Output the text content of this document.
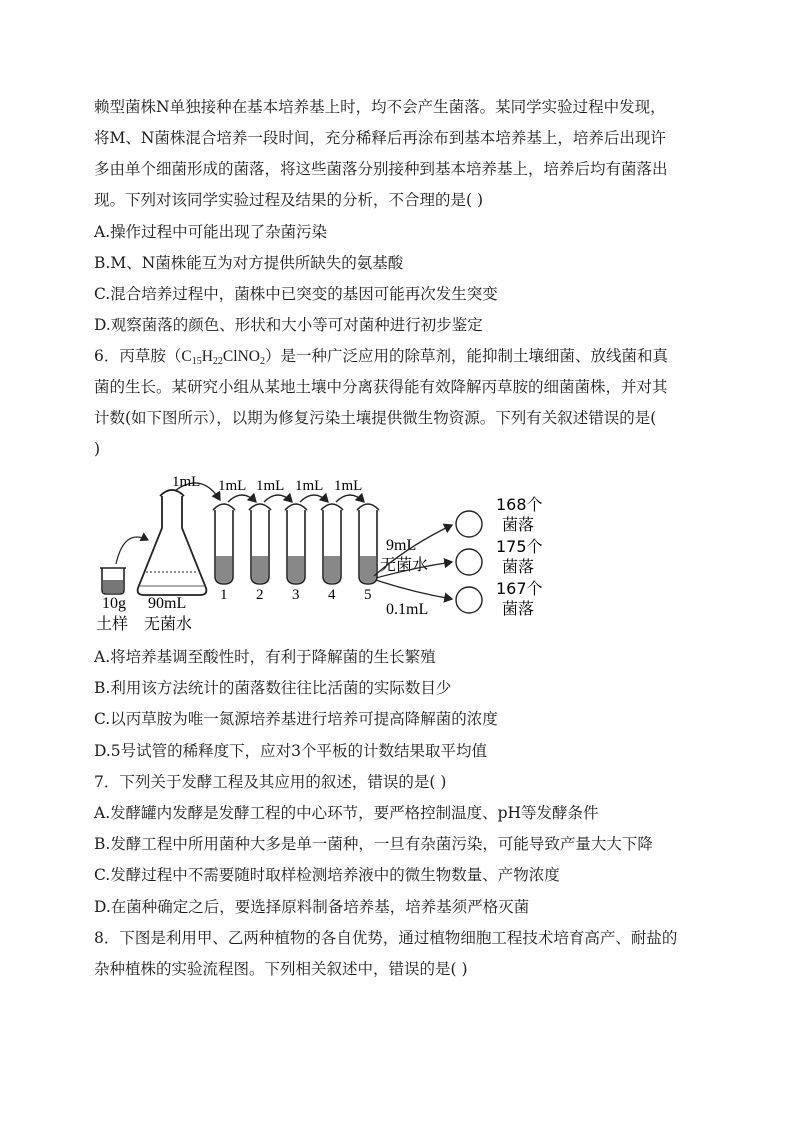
赖型菌株N单独接种在基本培养基上时，均不会产生菌落。某同学实验过程中发现，
将M、N菌株混合培养一段时间，充分稀释后再涂布到基本培养基上，培养后出现许
多由单个细菌形成的菌落，将这些菌落分别接种到基本培养基上，培养后均有菌落出
现。下列对该同学实验过程及结果的分析，不合理的是( )
A.操作过程中可能出现了杂菌污染
B.M、N菌株能互为对方提供所缺失的氨基酸
C.混合培养过程中，菌株中已突变的基因可能再次发生突变
D.观察菌落的颜色、形状和大小等可对菌种进行初步鉴定
6．丙草胺$(C_{15}H_{22}ClNO_2)$是一种广泛应用的除草剂，能抑制土壤细菌、放线菌和真
菌的生长。某研究小组从某地土壤中分离获得能有效降解丙草胺的细菌菌株，并对其
计数(如下图所示），以期为修复污染土壤提供微生物资源。下列有关叙述错误的是(
)
10g
土样
90mL
无菌水
1mL
1 2 3 4 5
1mL 1mL 1mL 1mL
9mL
无菌水
0.1mL
168个
菌落
175个
菌落
167个
菌落
A.将培养基调至酸性时，有利于降解菌的生长繁殖
B.利用该方法统计的菌落数往往比活菌的实际数目少
C.以丙草胺为唯一氮源培养基进行培养可提高降解菌的浓度
D.5号试管的稀释度下，应对3个平板的计数结果取平均值
7．下列关于发酵工程及其应用的叙述，错误的是( )
A.发酵罐内发酵是发酵工程的中心环节，要严格控制温度、pH等发酵条件
B.发酵工程中所用菌种大多是单一菌种，一旦有杂菌污染，可能导致产量大大下降
C.发酵过程中不需要随时取样检测培养液中的微生物数量、产物浓度
D.在菌种确定之后，要选择原料制备培养基，培养基须严格灭菌
8．下图是利用甲、乙两种植物的各自优势，通过植物细胞工程技术培育高产、耐盐的
杂种植株的实验流程图。下列相关叙述中，错误的是( )
